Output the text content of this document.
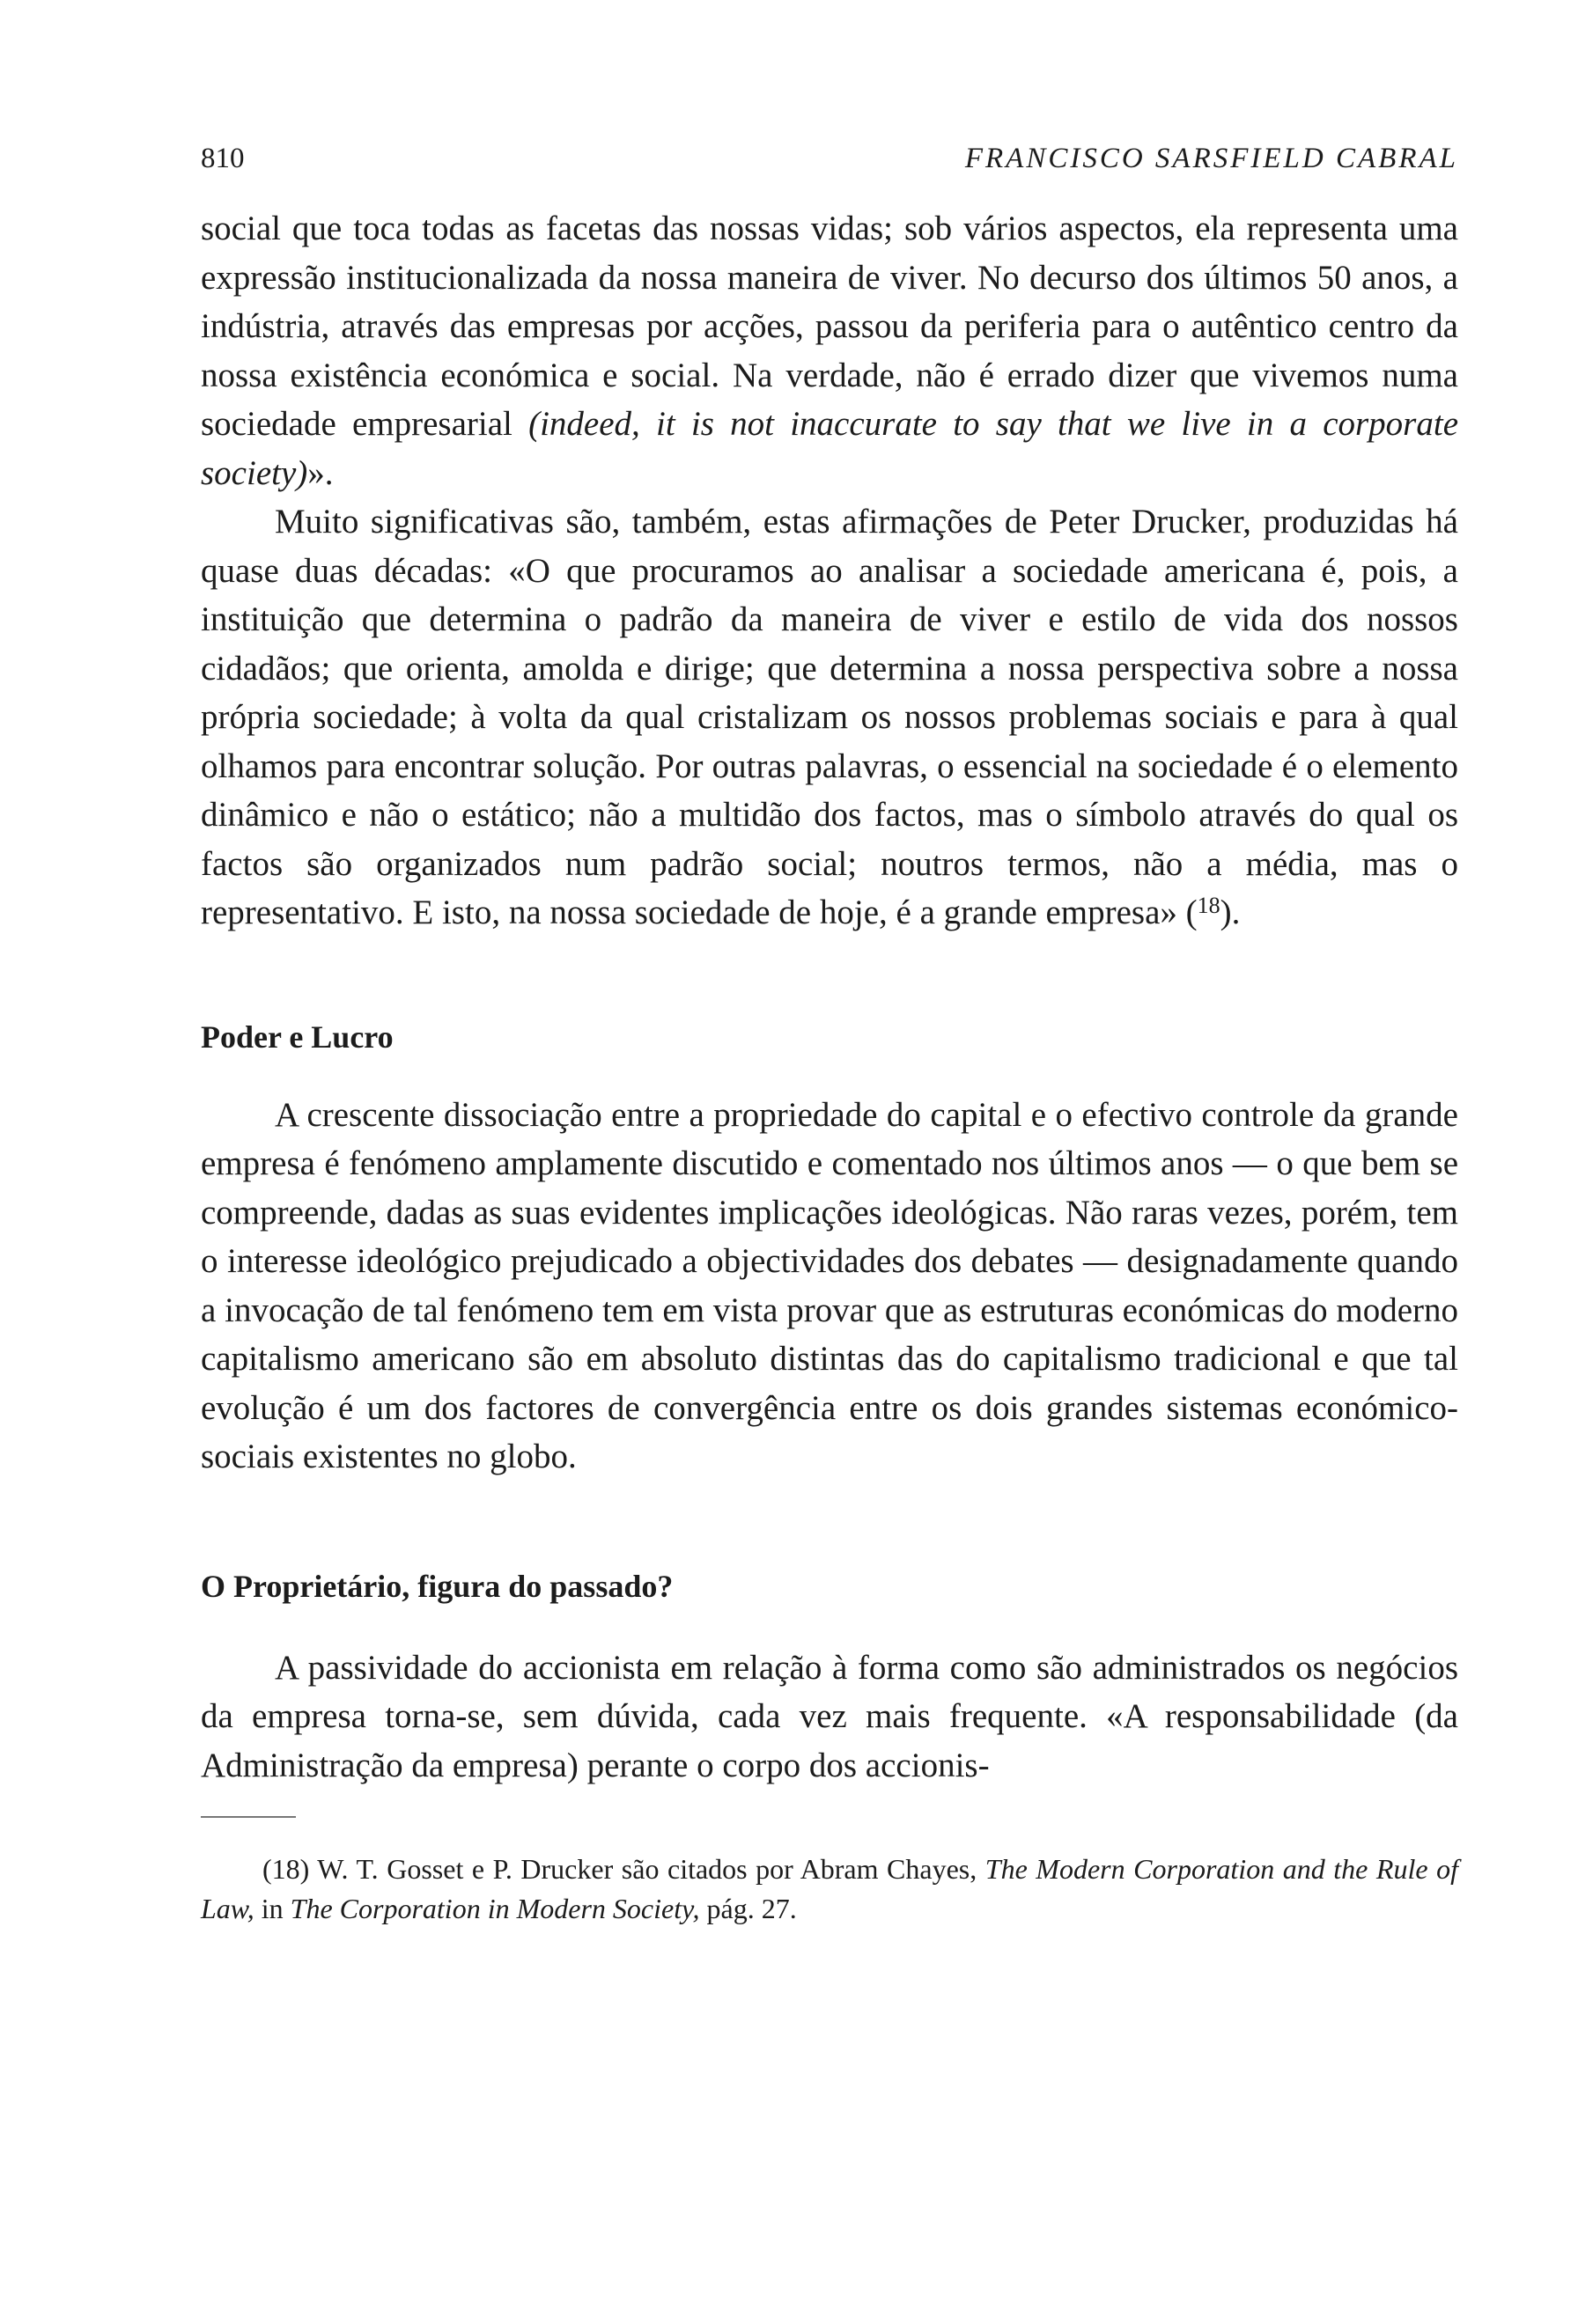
810	FRANCISCO SARSFIELD CABRAL

social que toca todas as facetas das nossas vidas; sob vários aspectos, ela representa uma expressão institucionalizada da nossa maneira de viver. No decurso dos últimos 50 anos, a indústria, através das empresas por acções, passou da periferia para o autêntico centro da nossa existência económica e social. Na verdade, não é errado dizer que vivemos numa sociedade empresarial (indeed, it is not inaccurate to say that we live in a corporate society)».

Muito significativas são, também, estas afirmações de Peter Drucker, produzidas há quase duas décadas: «O que procuramos ao analisar a sociedade americana é, pois, a instituição que determina o padrão da maneira de viver e estilo de vida dos nossos cidadãos; que orienta, amolda e dirige; que determina a nossa perspectiva sobre a nossa própria sociedade; à volta da qual cristalizam os nossos problemas sociais e para à qual olhamos para encontrar solução. Por outras palavras, o essencial na sociedade é o elemento dinâmico e não o estático; não a multidão dos factos, mas o símbolo através do qual os factos são organizados num padrão social; noutros termos, não a média, mas o representativo. E isto, na nossa sociedade de hoje, é a grande empresa» ($^{18}$).

Poder e Lucro

A crescente dissociação entre a propriedade do capital e o efectivo controle da grande empresa é fenómeno amplamente discutido e comentado nos últimos anos — o que bem se compreende, dadas as suas evidentes implicações ideológicas. Não raras vezes, porém, tem o interesse ideológico prejudicado a objectividades dos debates — designadamente quando a invocação de tal fenómeno tem em vista provar que as estruturas económicas do moderno capitalismo americano são em absoluto distintas das do capitalismo tradicional e que tal evolução é um dos factores de convergência entre os dois grandes sistemas económico-sociais existentes no globo.

O Proprietário, figura do passado?

A passividade do accionista em relação à forma como são administrados os negócios da empresa torna-se, sem dúvida, cada vez mais frequente. «A responsabilidade (da Administração da empresa) perante o corpo dos accionis-

(18) W. T. Gosset e P. Drucker são citados por Abram Chayes, The Modern Corporation and the Rule of Law, in The Corporation in Modern Society, pág. 27.
